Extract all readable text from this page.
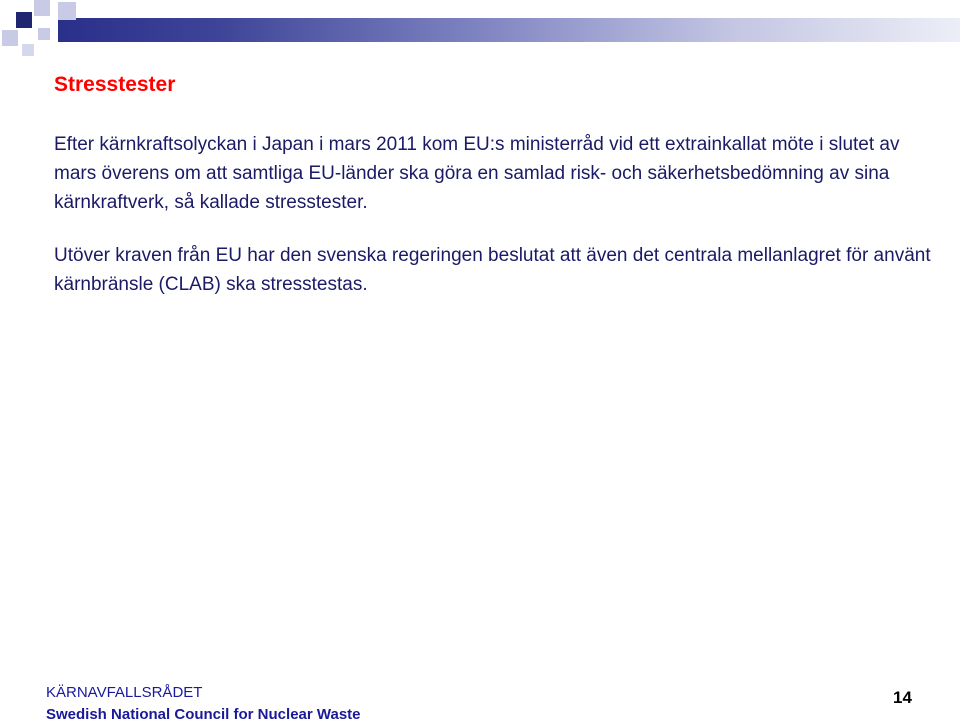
Stresstester

Efter kärnkraftsolyckan i Japan i mars 2011 kom EU:s ministerråd vid ett extrainkallat möte i slutet av mars överens om att samtliga EU-länder ska göra en samlad risk- och säkerhetsbedömning av sina kärnkraftverk, så kallade stresstester.

Utöver kraven från EU har den svenska regeringen beslutat att även det centrala mellanlagret för använt kärnbränsle (CLAB) ska stresstestas.

KÄRNAVFALLSRÅDET
Swedish National Council for Nuclear Waste
14
